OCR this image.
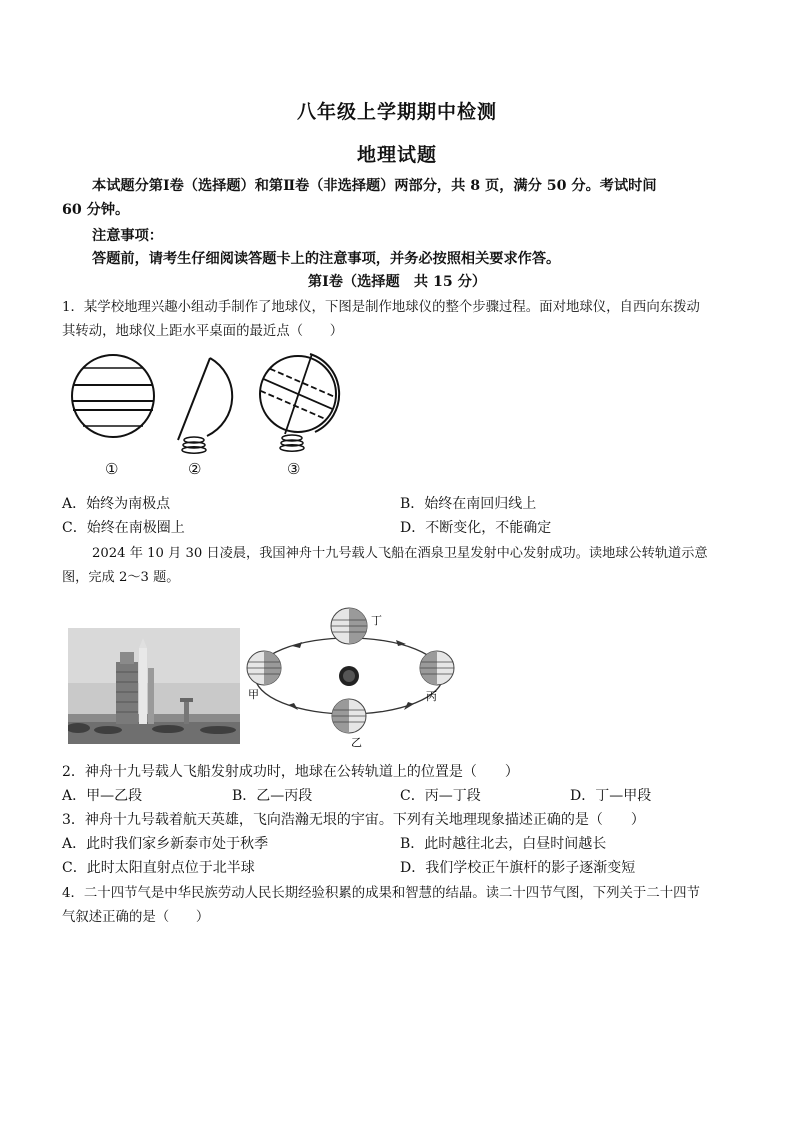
八年级上学期期中检测
地理试题
本试题分第Ⅰ卷（选择题）和第Ⅱ卷（非选择题）两部分，共 8 页，满分 50 分。考试时间
60 分钟。
注意事项：
答题前，请考生仔细阅读答题卡上的注意事项，并务必按照相关要求作答。
第Ⅰ卷（选择题　共 15 分）
1．某学校地理兴趣小组动手制作了地球仪，下图是制作地球仪的整个步骤过程。面对地球仪，自西向东拨动
其转动，地球仪上距水平桌面的最近点（　　）
①	②	③
A．始终为南极点	B．始终在南回归线上
C．始终在南极圈上	D．不断变化，不能确定
2024 年 10 月 30 日凌晨，我国神舟十九号载人飞船在酒泉卫星发射中心发射成功。读地球公转轨道示意
图，完成 2～3 题。
丁
甲	丙
乙
2．神舟十九号载人飞船发射成功时，地球在公转轨道上的位置是（　　）
A．甲—乙段	B．乙—丙段	C．丙—丁段	D．丁—甲段
3．神舟十九号载着航天英雄，飞向浩瀚无垠的宇宙。下列有关地理现象描述正确的是（　　）
A．此时我们家乡新泰市处于秋季	B．此时越往北去，白昼时间越长
C．此时太阳直射点位于北半球	D．我们学校正午旗杆的影子逐渐变短
4．二十四节气是中华民族劳动人民长期经验积累的成果和智慧的结晶。读二十四节气图，下列关于二十四节
气叙述正确的是（　　）
